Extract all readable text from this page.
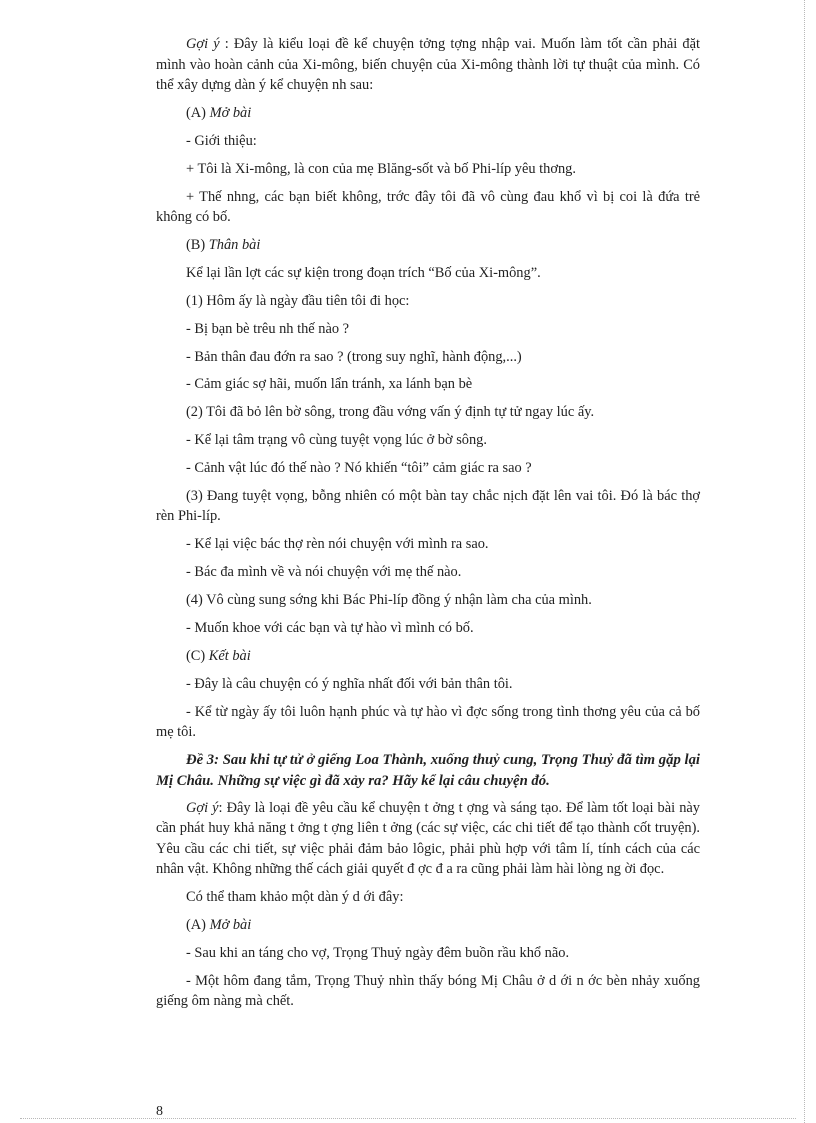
Gợi ý : Đây là kiểu loại đề kể chuyện tởng tợng nhập vai. Muốn làm tốt cần phải đặt mình vào hoàn cảnh của Xi-mông, biến chuyện của Xi-mông thành lời tự thuật của mình. Có thể xây dựng dàn ý kể chuyện nh sau:

(A) Mở bài

- Giới thiệu:

+ Tôi là Xi-mông, là con của mẹ Blăng-sốt và bố Phi-líp yêu thơng.

+ Thế nhng, các bạn biết không, trớc đây tôi đã vô cùng đau khổ vì bị coi là đứa trẻ không có bố.

(B) Thân bài

Kể lại lần lợt các sự kiện trong đoạn trích “Bố của Xi-mông”.

(1) Hôm ấy là ngày đầu tiên tôi đi học:

- Bị bạn bè trêu nh thế nào ?

- Bản thân đau đớn ra sao ? (trong suy nghĩ, hành động,...)

- Cảm giác sợ hãi, muốn lẩn tránh, xa lánh bạn bè

(2) Tôi đã bỏ lên bờ sông, trong đầu vớng vấn ý định tự tử ngay lúc ấy.

- Kể lại tâm trạng vô cùng tuyệt vọng lúc ở bờ sông.

- Cảnh vật lúc đó thế nào ? Nó khiến “tôi” cảm giác ra sao ?

(3) Đang tuyệt vọng, bỗng nhiên có một bàn tay chắc nịch đặt lên vai tôi. Đó là bác thợ rèn Phi-líp.

- Kể lại việc bác thợ rèn nói chuyện với mình ra sao.

- Bác đa mình về và nói chuyện với mẹ thế nào.

(4) Vô cùng sung sớng khi Bác Phi-líp đồng ý nhận làm cha của mình.

- Muốn khoe với các bạn và tự hào vì mình có bố.

(C) Kết bài

- Đây là câu chuyện có ý nghĩa nhất đối với bản thân tôi.

- Kể từ ngày ấy tôi luôn hạnh phúc và tự hào vì đợc sống trong tình thơng yêu của cả bố mẹ tôi.

Đề 3: Sau khi tự tử ở giếng Loa Thành, xuống thuỷ cung, Trọng Thuỷ đã tìm gặp lại Mị Châu. Những sự việc gì đã xảy ra? Hãy kể lại câu chuyện đó.

Gợi ý: Đây là loại đề yêu cầu kể chuyện t ởng t ợng và sáng tạo. Để làm tốt loại bài này cần phát huy khả năng t ởng t ợng liên t ởng (các sự việc, các chi tiết để tạo thành cốt truyện). Yêu cầu các chi tiết, sự việc phải đảm bảo lôgic, phải phù hợp với tâm lí, tính cách của các nhân vật. Không những thế cách giải quyết đ ợc đ a ra cũng phải làm hài lòng ng ời đọc.

Có thể tham khảo một dàn ý d ới đây:

(A) Mở bài

- Sau khi an táng cho vợ, Trọng Thuỷ ngày đêm buồn rầu khổ não.

- Một hôm đang tắm, Trọng Thuỷ nhìn thấy bóng Mị Châu ở d ới n ớc bèn nhảy xuống giếng ôm nàng mà chết.

8
